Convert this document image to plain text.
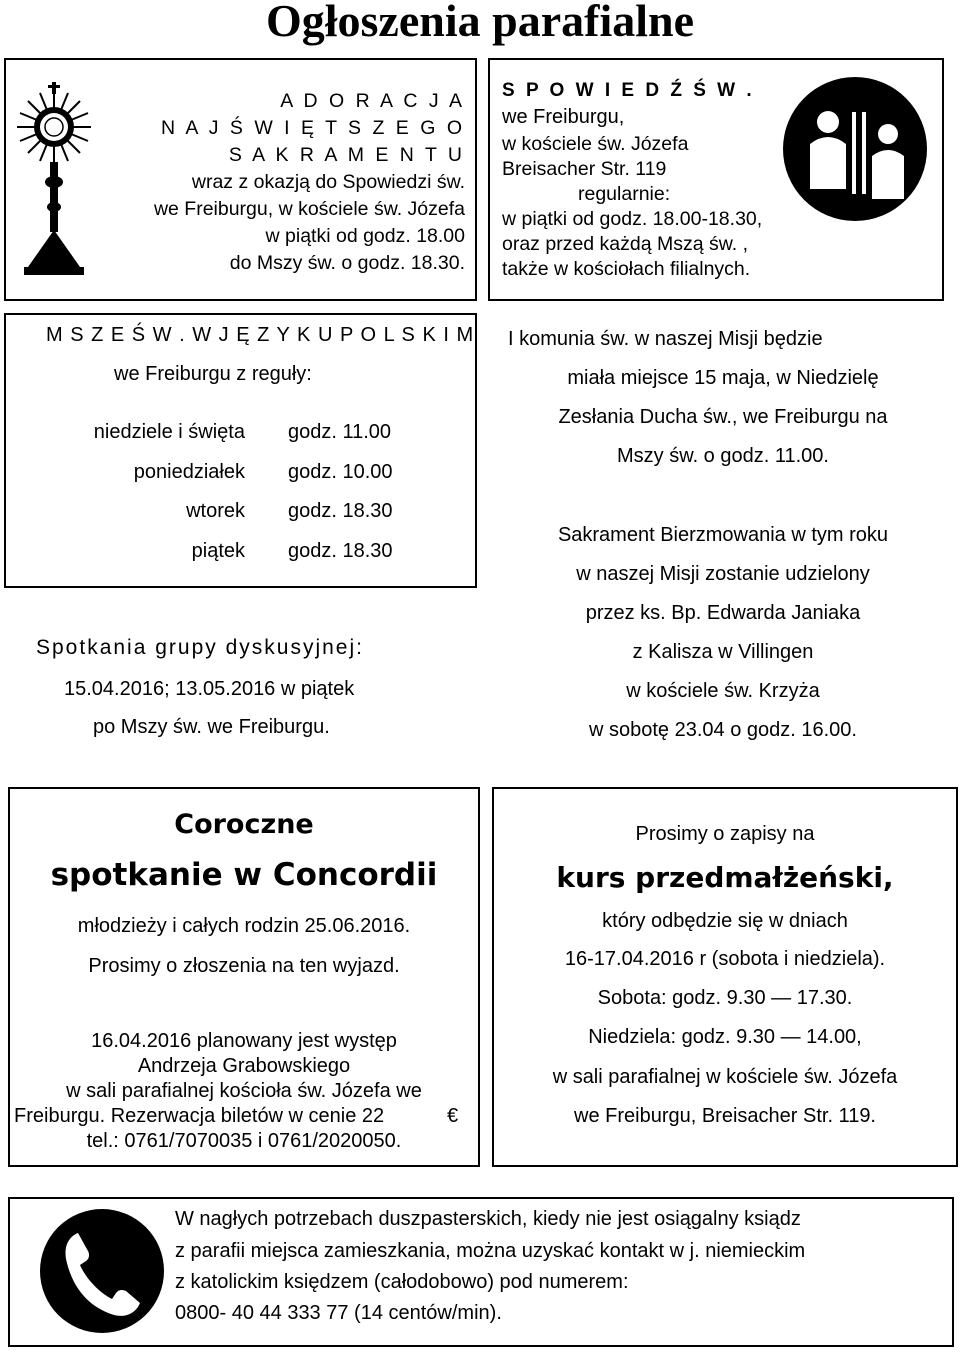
Ogłoszenia parafialne
A D O R A C J A
N A J Ś W I Ę T S Z E G O
S A K R A M E N T U
wraz z okazją do Spowiedzi św.
we Freiburgu, w kościele św. Józefa
w piątki od godz. 18.00
do Mszy św. o godz. 18.30.
S P O W I E D Ź Ś W .
we Freiburgu,
w kościele św. Józefa
Breisacher Str. 119
regularnie:
w piątki od godz. 18.00-18.30,
oraz przed każdą Mszą św. ,
także w kościołach filialnych.
M S Z E Ś W . W J Ę Z Y K U P O L S K I M
we Freiburgu z reguły:
niedziele i święta godz. 11.00
poniedziałek godz. 10.00
wtorek godz. 18.30
piątek godz. 18.30
Spotkania grupy dyskusyjnej:
15.04.2016; 13.05.2016 w piątek
po Mszy św. we Freiburgu.
I komunia św. w naszej Misji będzie
miała miejsce 15 maja, w Niedzielę
Zesłania Ducha św., we Freiburgu na
Mszy św. o godz. 11.00.
Sakrament Bierzmowania w tym roku
w naszej Misji zostanie udzielony
przez ks. Bp. Edwarda Janiaka
z Kalisza w Villingen
w kościele św. Krzyża
w sobotę 23.04 o godz. 16.00.
Coroczne
spotkanie w Concordii
młodzieży i całych rodzin 25.06.2016.
Prosimy o złoszenia na ten wyjazd.
16.04.2016 planowany jest występ
Andrzeja Grabowskiego
w sali parafialnej kościoła św. Józefa we
Freiburgu. Rezerwacja biletów w cenie 22	€
tel.: 0761/7070035 i 0761/2020050.
Prosimy o zapisy na
kurs przedmałżeński,
który odbędzie się w dniach
16-17.04.2016 r (sobota i niedziela).
Sobota: godz. 9.30 — 17.30.
Niedziela: godz. 9.30 — 14.00,
w sali parafialnej w kościele św. Józefa
we Freiburgu, Breisacher Str. 119.
W nagłych potrzebach duszpasterskich, kiedy nie jest osiągalny ksiądz
z parafii miejsca zamieszkania, można uzyskać kontakt w j. niemieckim
z katolickim księdzem (całodobowo) pod numerem:
0800- 40 44 333 77 (14 centów/min).
